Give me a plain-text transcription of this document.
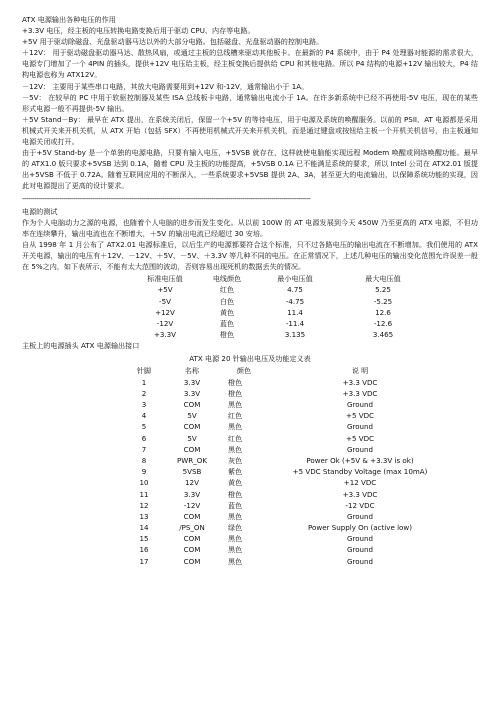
ATX 电源输出各种电压的作用
+3.3V 电压，经主板的电压转换电路变换后用于驱动 CPU、内存等电路。
+5V 用于驱动除磁盘、光盘驱动器马达以外的大部分电路。包括磁盘、光盘驱动器的控制电路。

＋12V： 用于驱动磁盘驱动器马达、散热风扇，或通过主板的总线槽来驱动其他板卡。在最新的 P4 系统中，由于 P4 处理器对能源的需求很大，电源专门增加了一个 4PIN 的插头，提供+12V 电压给主板，经主板变换后提供给 CPU 和其他电路。所以 P4 结构的电源+12V 输出较大，P4 结构电源也称为 ATX12V。

－12V： 主要用于某些串口电路，其放大电路需要用到+12V 和-12V，通常输出小于 1A。

－5V： 在较早的 PC 中用于软驱控制器及某些 ISA 总线板卡电路，通常输出电流小于 1A。在许多新系统中已经不再使用-5V 电压，现在的某些形式电源一般不再提供-5V 输出。

＋5V Stand－By： 最早在 ATX 提出，在系统关闭后，保留一个+5V 的等待电压，用于电源及系统的唤醒服务。以前的 PSII、AT 电源都是采用机械式开关来开机关机，从 ATX 开始（包括 SFX）不再使用机械式开关来开机关机，而是通过键盘或按钮给主板一个开机关机信号，由主板通知电源关闭或打开。

由于+5V Stand-by 是一个单独的电源电路，只要有输入电压，+5VSB 就存在，这样就使电脑能实现远程 Modem 唤醒或网络唤醒功能。最早的 ATX1.0 版只要求+5VSB 达到 0.1A，随着 CPU 及主板的功能提高，+5VSB 0.1A 已不能满足系统的要求，所以 Intel 公司在 ATX2.01 版提出+5VSB 不低于 0.72A。随着互联网应用的不断深入，一些系统要求+5VSB 提供 2A、3A，甚至更大的电流输出，以保障系统功能的实现，因此对电源提出了更高的设计要求。

--------------------------------------------------------------------------------------------------------------------------------------------
电源的测试

作为个人电脑动力之源的电源，也随着个人电脑的进步而发生变化。从以前 100W 的 AT 电源发展到今天 450W 乃至更高的 ATX 电源，不但功率在连续攀升，输出电流也在不断增大，＋5V 的输出电流已经超过 30 安培。

自从 1998 年 1 月公布了 ATX2.01 电源标准后，以后生产的电源都要符合这个标准，只不过各路电压的输出电流在不断增加。我们使用的 ATX 开关电源，输出的电压有＋12V、－12V、＋5V、－5V、＋3.3V 等几种不同的电压。在正常情况下，上述几种电压的输出变化范围允许误差一般在 5%之内，如下表所示，不能有太大范围的波动，否则容易出现死机的数据丢失的情况。

标准电压值	电线颜色	最小电压值	最大电压值
+5V	红色	4.75	5.25
-5V	白色	-4.75	-5.25
+12V	黄色	11.4	12.6
-12V	蓝色	-11.4	-12.6
+3.3V	橙色	3.135	3.465
主板上的电源插头 ATX 电源输出接口
ATX 电源 20 针输出电压及功能定义表
针脚	名称	颜色	说 明
1	3.3V	橙色	+3.3 VDC
2	3.3V	橙色	+3.3 VDC
3	COM	黑色	Ground
4	5V	红色	+5 VDC
5	COM	黑色	Ground
6	5V	红色	+5 VDC
7	COM	黑色	Ground
8	PWR_OK	灰色	Power Ok (+5V & +3.3V is ok)
9	5VSB	紫色	+5 VDC Standby Voltage (max 10mA)
10	12V	黄色	+12 VDC
11	3.3V	橙色	+3.3 VDC
12	-12V	蓝色	-12 VDC
13	COM	黑色	Ground
14	/PS_ON	绿色	Power Supply On (active low)
15	COM	黑色	Ground
16	COM	黑色	Ground
17	COM	黑色	Ground
